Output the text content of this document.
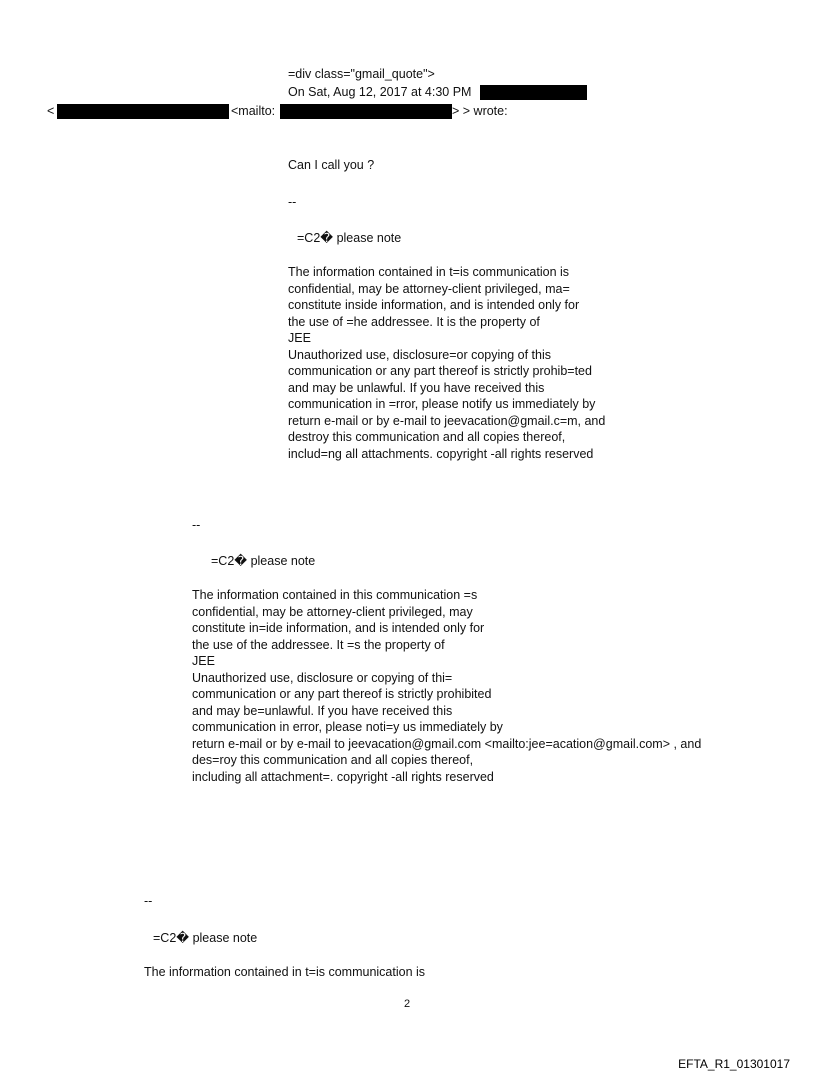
=div class="gmail_quote">
On Sat, Aug 12, 2017 at 4:30 PM
<	<mailto:	> > wrote:
Can I call you ?
--
=C2� please note
The information contained in t=is communication is
confidential, may be attorney-client privileged, ma=
constitute inside information, and is intended only for
the use of =he addressee. It is the property of
JEE
Unauthorized use, disclosure=or copying of this
communication or any part thereof is strictly prohib=ted
and may be unlawful. If you have received this
communication in =rror, please notify us immediately by
return e-mail or by e-mail to jeevacation@gmail.c=m, and
destroy this communication and all copies thereof,
includ=ng all attachments. copyright -all rights reserved
--
=C2� please note
The information contained in this communication =s
confidential, may be attorney-client privileged, may
constitute in=ide information, and is intended only for
the use of the addressee. It =s the property of
JEE
Unauthorized use, disclosure or copying of thi=
communication or any part thereof is strictly prohibited
and may be=unlawful. If you have received this
communication in error, please noti=y us immediately by
return e-mail or by e-mail to jeevacation@gmail.com <mailto:jee=acation@gmail.com> , and
des=roy this communication and all copies thereof,
including all attachment=. copyright -all rights reserved
--
=C2� please note
The information contained in t=is communication is
2
EFTA_R1_01301017
